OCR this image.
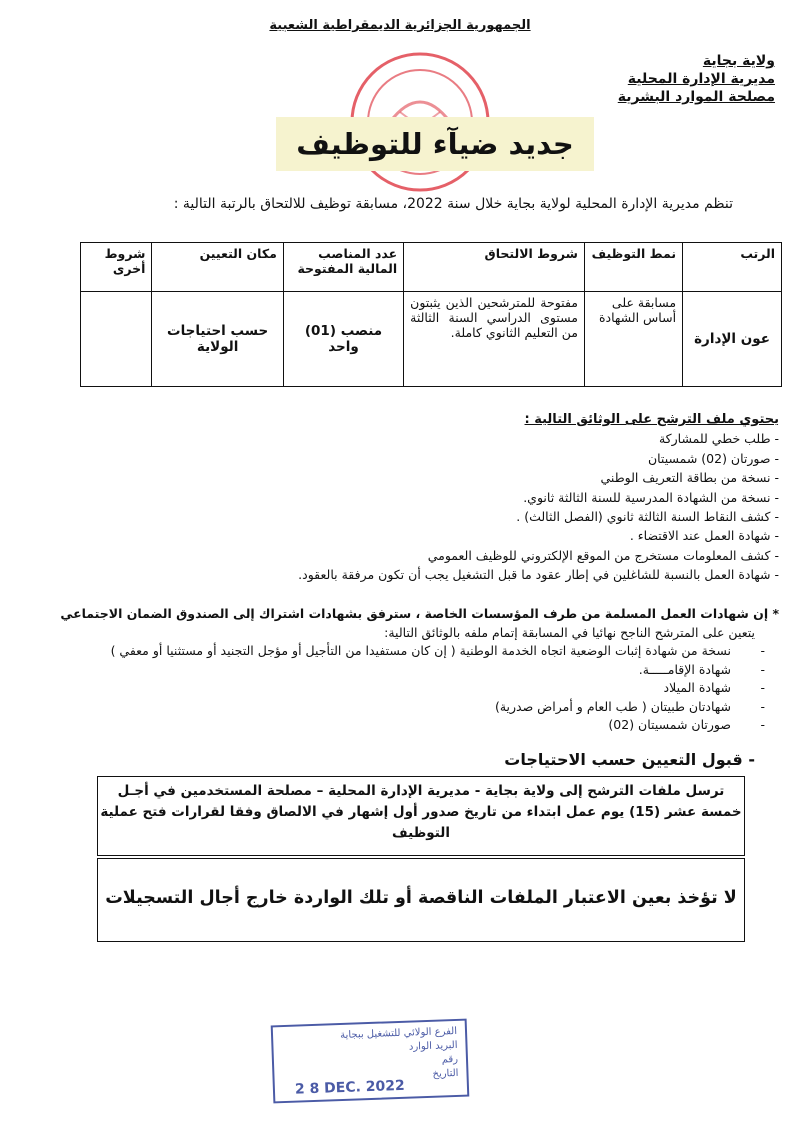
الجمهورية الجزائرية الديمقراطية الشعبية
ولاية بجاية
مديرية الإدارة المحلية
مصلحة الموارد البشرية
جديد ضيآء للتوظيف
تنظم مديرية الإدارة المحلية لولاية بجاية خلال سنة 2022، مسابقة توظيف للالتحاق بالرتبة التالية :
الرتب	نمط التوظيف	شروط الالتحاق	عدد المناصب المالية المفتوحة	مكان التعيين	شروط أخرى
عون الإدارة	مسابقة على أساس الشهادة	مفتوحة للمترشحين الذين يثبتون مستوى الدراسي السنة الثالثة من التعليم الثانوي كاملة.	منصب (01) واحد	حسب احتياجات الولاية	
يحتوي ملف الترشح على الوثائق التالية :
- طلب خطي للمشاركة
- صورتان (02) شمسيتان
- نسخة من بطاقة التعريف الوطني
- نسخة من الشهادة المدرسية للسنة الثالثة ثانوي.
- كشف النقاط السنة الثالثة ثانوي (الفصل الثالث) .
- شهادة العمل عند الاقتضاء .
- كشف المعلومات مستخرج من الموقع الإلكتروني للوظيف العمومي
- شهادة العمل بالنسبة للشاغلين في إطار عقود ما قبل التشغيل يجب أن تكون مرفقة بالعقود.
* إن شهادات العمل المسلمة من طرف المؤسسات الخاصة ، سترفق بشهادات اشتراك إلى الصندوق الضمان الاجتماعي
يتعين على المترشح الناجح نهائيا في المسابقة إتمام ملفه بالوثائق التالية:
-
نسخة من شهادة إثبات الوضعية اتجاه الخدمة الوطنية ( إن كان مستفيدا من التأجيل أو مؤجل التجنيد أو مستثنيا أو معفي )
-
شهادة الإقامـــــة.
-
شهادة الميلاد
-
شهادتان طبيتان ( طب العام و أمراض صدرية)
-
صورتان شمسيتان (02)
- قبول التعيين حسب الاحتياجات
ترسل ملفات الترشح إلى ولاية بجاية - مديرية الإدارة المحلية – مصلحة المستخدمين في أجـل خمسة عشر (15) يوم عمل ابتداء من تاريخ صدور أول إشهار في الالصاق وفقا لقرارات فتح عملية التوظيف
لا تؤخذ بعين الاعتبار الملفات الناقصة أو تلك الواردة خارج أجال التسجيلات
الفرع الولائي للتشغيل ببجاية
البريد الوارد
رقم
التاريخ
2 8 DEC. 2022
